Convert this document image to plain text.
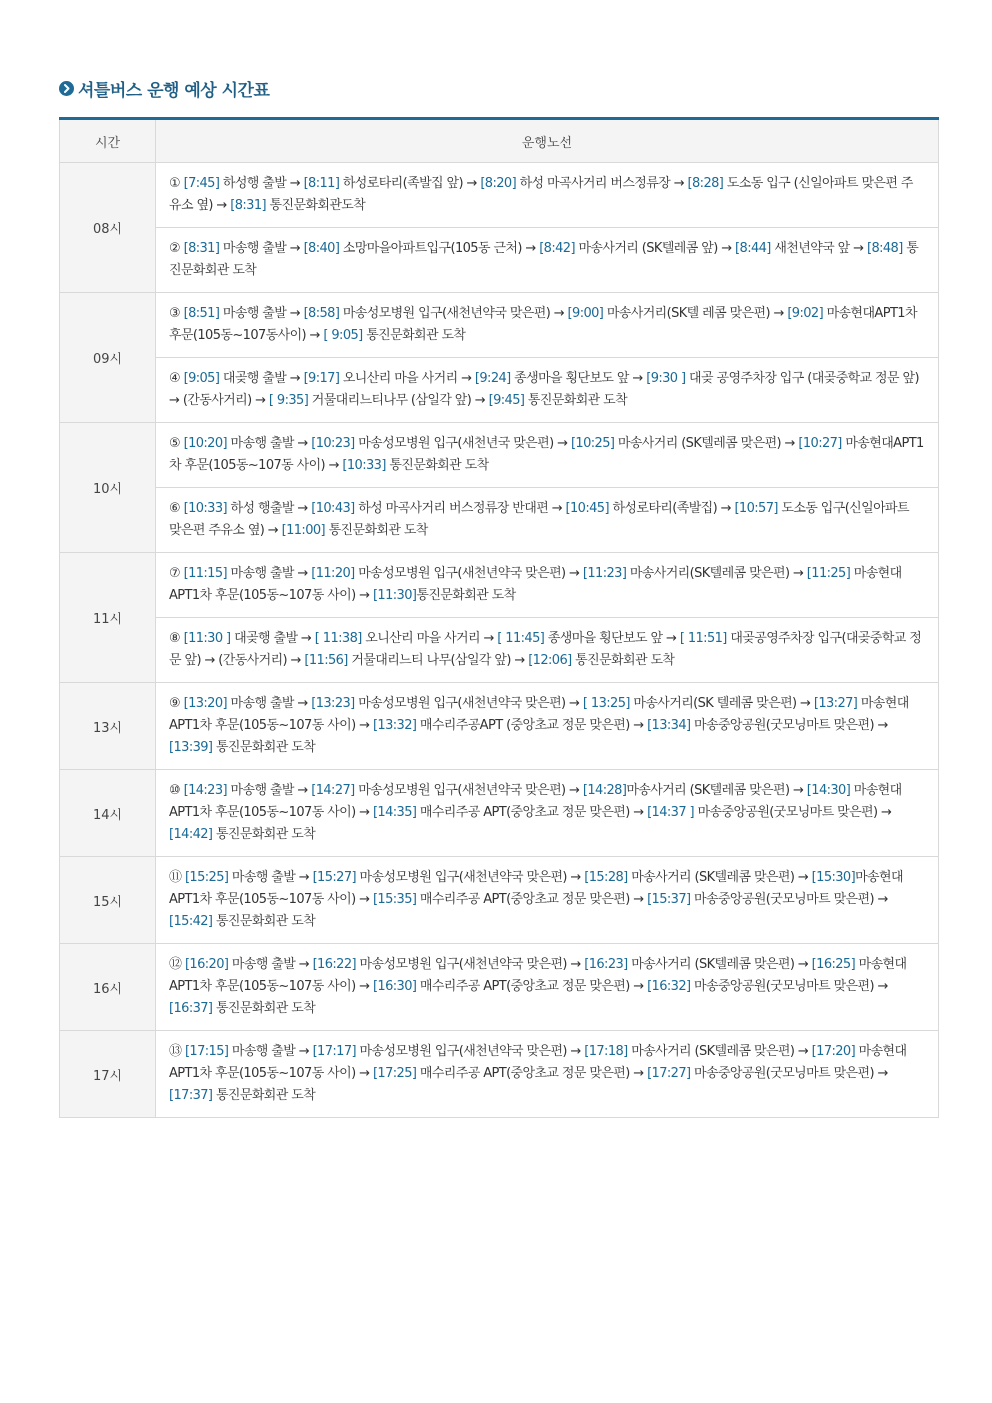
셔틀버스 운행 예상 시간표
시간	운행노선
08시	① [7:45] 하성행 출발 → [8:11] 하성로타리(족발집 앞) → [8:20] 하성 마곡사거리 버스정류장 → [8:28] 도소동 입구 (신일아파트 맞은편 주유소 옆) → [8:31] 통진문화회관도착
	② [8:31] 마송행 출발 → [8:40] 소망마을아파트입구(105동 근처) → [8:42] 마송사거리 (SK텔레콤 앞) → [8:44] 새천년약국 앞 → [8:48] 통진문화회관 도착
09시	③ [8:51] 마송행 출발 → [8:58] 마송성모병원 입구(새천년약국 맞은편) → [9:00] 마송사거리(SK텔 레콤 맞은편) → [9:02] 마송현대APT1차 후문(105동~107동사이) → [ 9:05] 통진문화회관 도착
	④ [9:05] 대곶행 출발 → [9:17] 오니산리 마을 사거리 → [9:24] 종생마을 횡단보도 앞 → [9:30 ] 대곶 공영주차장 입구 (대곶중학교 정문 앞) → (간동사거리) → [ 9:35] 거물대리느티나무 (삼일각 앞) → [9:45] 통진문화회관 도착
10시	⑤ [10:20] 마송행 출발 → [10:23] 마송성모병원 입구(새천년국 맞은편) → [10:25] 마송사거리 (SK텔레콤 맞은편) → [10:27] 마송현대APT1차 후문(105동~107동 사이) → [10:33] 통진문화회관 도착
	⑥ [10:33] 하성 행출발 → [10:43] 하성 마곡사거리 버스정류장 반대편 → [10:45] 하성로타리(족발집) → [10:57] 도소동 입구(신일아파트 맞은편 주유소 옆) → [11:00] 통진문화회관 도착
11시	⑦ [11:15] 마송행 출발 → [11:20] 마송성모병원 입구(새천년약국 맞은편) → [11:23] 마송사거리(SK텔레콤 맞은편) → [11:25] 마송현대APT1차 후문(105동~107동 사이) → [11:30]통진문화회관 도착
	⑧ [11:30 ] 대곶행 출발 → [ 11:38] 오니산리 마을 사거리 → [ 11:45] 종생마을 횡단보도 앞 → [ 11:51] 대곶공영주차장 입구(대곶중학교 정문 앞) → (간동사거리) → [11:56] 거물대리느티 나무(삼일각 앞) → [12:06] 통진문화회관 도착
13시	⑨ [13:20] 마송행 출발 → [13:23] 마송성모병원 입구(새천년약국 맞은편) → [ 13:25] 마송사거리(SK 텔레콤 맞은편) → [13:27] 마송현대APT1차 후문(105동~107동 사이) → [13:32] 매수리주공APT (중앙초교 정문 맞은편) → [13:34] 마송중앙공원(굿모닝마트 맞은편) → [13:39] 통진문화회관 도착
14시	⑩ [14:23] 마송행 출발 → [14:27] 마송성모병원 입구(새천년약국 맞은편) → [14:28]마송사거리 (SK텔레콤 맞은편) → [14:30] 마송현대APT1차 후문(105동~107동 사이) → [14:35] 매수리주공 APT(중앙초교 정문 맞은편) → [14:37 ] 마송중앙공원(굿모닝마트 맞은편) → [14:42] 통진문화회관 도착
15시	⑪ [15:25] 마송행 출발 → [15:27] 마송성모병원 입구(새천년약국 맞은편) → [15:28] 마송사거리 (SK텔레콤 맞은편) → [15:30]마송현대APT1차 후문(105동~107동 사이) → [15:35] 매수리주공 APT(중앙초교 정문 맞은편) → [15:37] 마송중앙공원(굿모닝마트 맞은편) → [15:42] 통진문화회관 도착
16시	⑫ [16:20] 마송행 출발 → [16:22] 마송성모병원 입구(새천년약국 맞은편) → [16:23] 마송사거리 (SK텔레콤 맞은편) → [16:25] 마송현대APT1차 후문(105동~107동 사이) → [16:30] 매수리주공 APT(중앙초교 정문 맞은편) → [16:32] 마송중앙공원(굿모닝마트 맞은편) → [16:37] 통진문화회관 도착
17시	⑬ [17:15] 마송행 출발 → [17:17] 마송성모병원 입구(새천년약국 맞은편) → [17:18] 마송사거리 (SK텔레콤 맞은편) → [17:20] 마송현대APT1차 후문(105동~107동 사이) → [17:25] 매수리주공 APT(중앙초교 정문 맞은편) → [17:27] 마송중앙공원(굿모닝마트 맞은편) → [17:37] 통진문화회관 도착
